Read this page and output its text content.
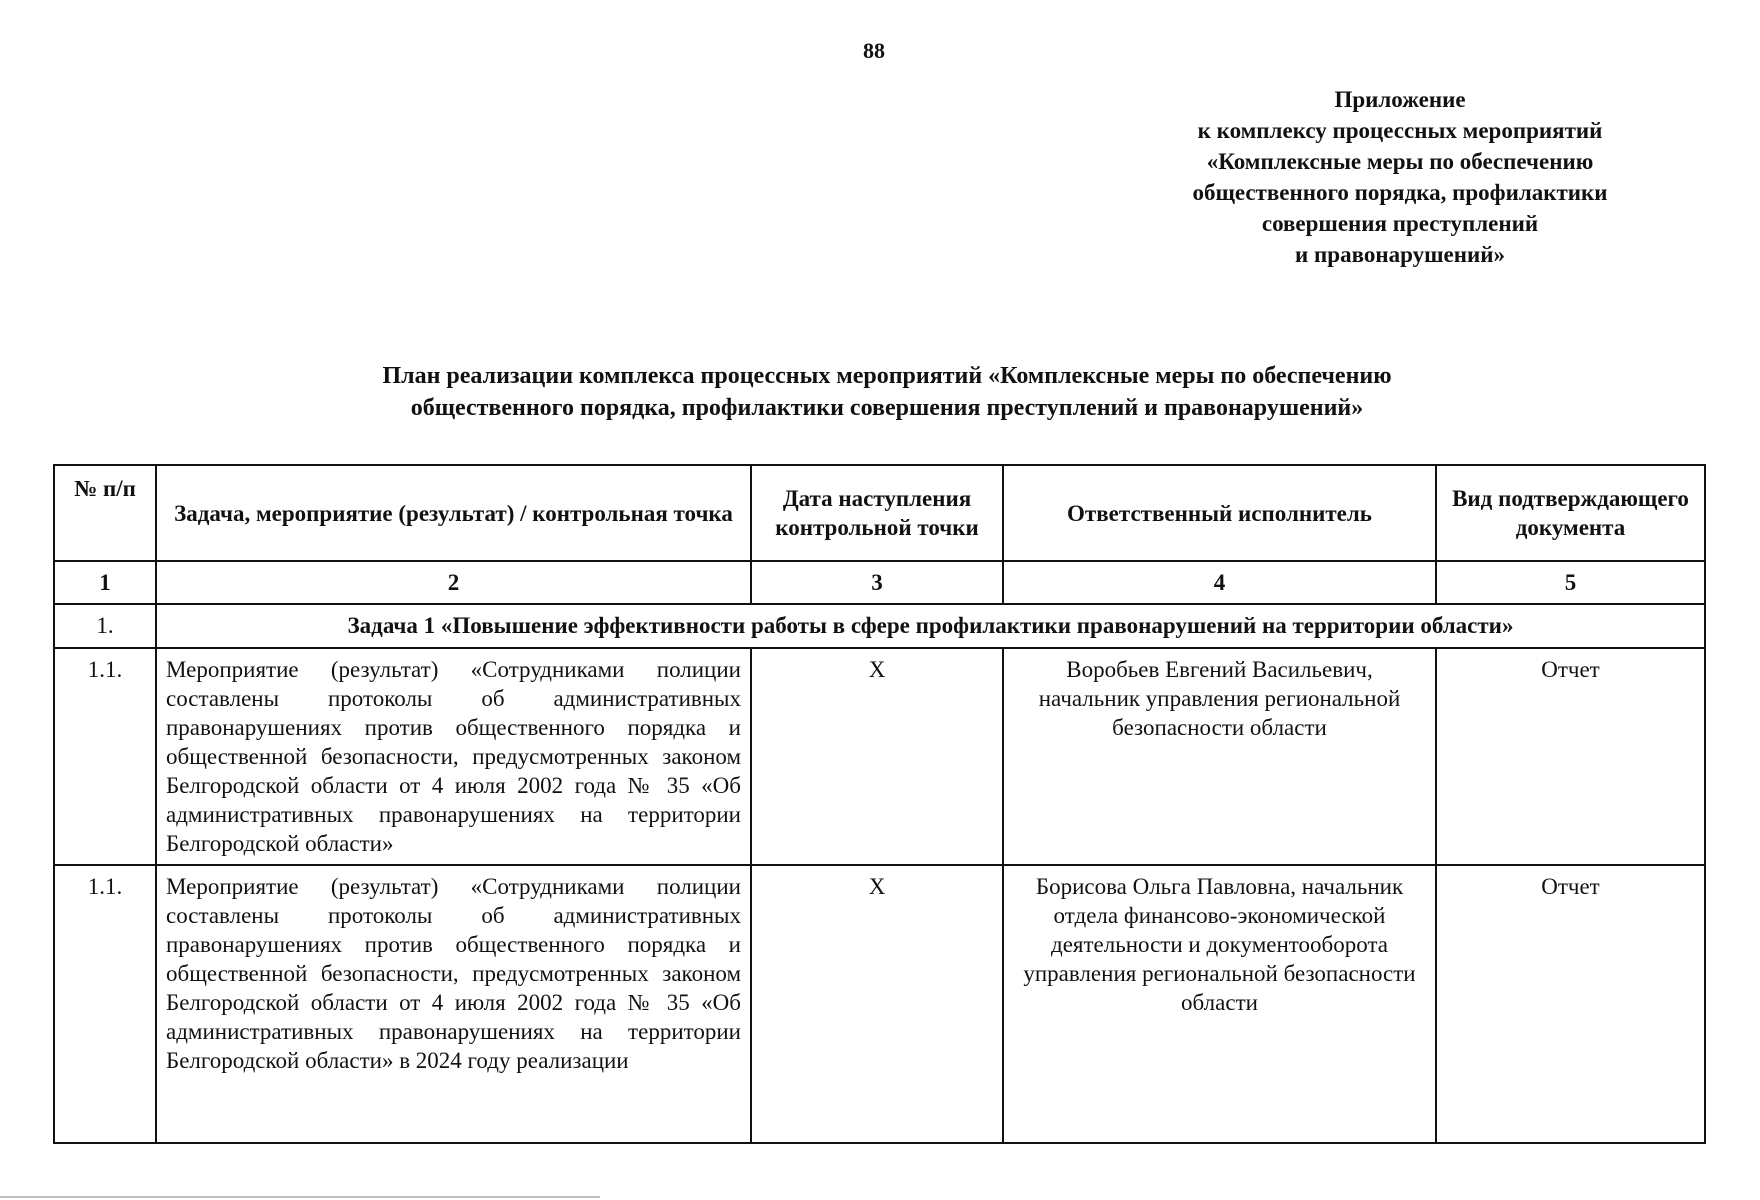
88
Приложение
к комплексу процессных мероприятий
«Комплексные меры по обеспечению
общественного порядка, профилактики
совершения преступлений
и правонарушений»
План реализации комплекса процессных мероприятий «Комплексные меры по обеспечению
общественного порядка, профилактики совершения преступлений и правонарушений»
№ п/п	Задача, мероприятие (результат) / контрольная точка	Дата наступления контрольной точки	Ответственный исполнитель	Вид подтверждающего документа
1	2	3	4	5
1.	Задача 1 «Повышение эффективности работы в сфере профилактики правонарушений на территории области»			
1.1.	Мероприятие (результат) «Сотрудниками полиции составлены протоколы об административных правонарушениях против общественного порядка и общественной безопасности, предусмотренных законом Белгородской области от 4 июля 2002 года № 35 «Об административных правонарушениях на территории Белгородской области»	Х	Воробьев Евгений Васильевич, начальник управления региональной безопасности области	Отчет
1.1.	Мероприятие (результат) «Сотрудниками полиции составлены протоколы об административных правонарушениях против общественного порядка и общественной безопасности, предусмотренных законом Белгородской области от 4 июля 2002 года № 35 «Об административных правонарушениях на территории Белгородской области» в 2024 году реализации	Х	Борисова Ольга Павловна, начальник отдела финансово-экономической деятельности и документооборота управления региональной безопасности области	Отчет
